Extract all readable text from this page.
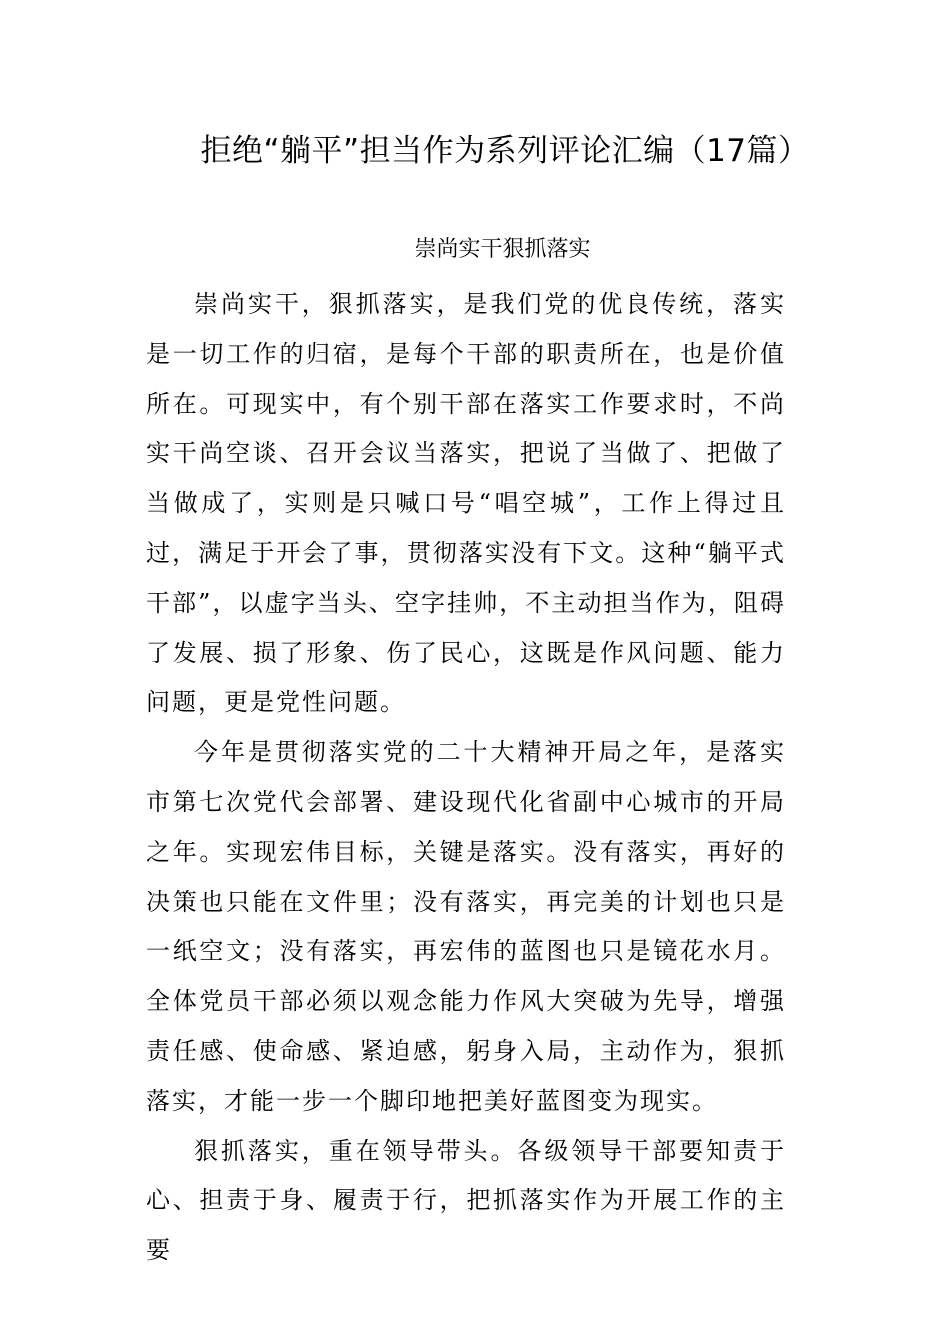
拒绝“躺平”担当作为系列评论汇编（17篇）
崇尚实干狠抓落实

崇尚实干，狠抓落实，是我们党的优良传统，落实是一切工作的归宿，是每个干部的职责所在，也是价值所在。可现实中，有个别干部在落实工作要求时，不尚实干尚空谈、召开会议当落实，把说了当做了、把做了当做成了，实则是只喊口号“唱空城”，工作上得过且过，满足于开会了事，贯彻落实没有下文。这种“躺平式干部”，以虚字当头、空字挂帅，不主动担当作为，阻碍了发展、损了形象、伤了民心，这既是作风问题、能力问题，更是党性问题。

今年是贯彻落实党的二十大精神开局之年，是落实市第七次党代会部署、建设现代化省副中心城市的开局之年。实现宏伟目标，关键是落实。没有落实，再好的决策也只能在文件里；没有落实，再完美的计划也只是一纸空文；没有落实，再宏伟的蓝图也只是镜花水月。全体党员干部必须以观念能力作风大突破为先导，增强责任感、使命感、紧迫感，躬身入局，主动作为，狠抓落实，才能一步一个脚印地把美好蓝图变为现实。

狠抓落实，重在领导带头。各级领导干部要知责于心、担责于身、履责于行，把抓落实作为开展工作的主要
